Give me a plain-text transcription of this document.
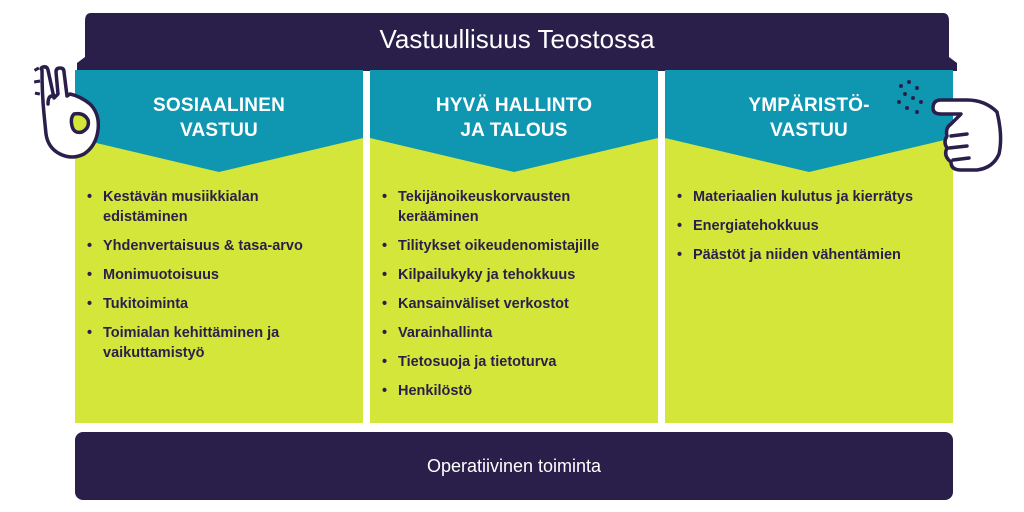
Vastuullisuus Teostossa
SOSIAALINEN
VASTUU
• Kestävän musiikkialan edistäminen
• Yhdenvertaisuus & tasa-arvo
• Monimuotoisuus
• Tukitoiminta
• Toimialan kehittäminen ja vaikuttamistyö
HYVÄ HALLINTO
JA TALOUS
• Tekijänoikeuskorvausten kerääminen
• Tilitykset oikeudenomistajille
• Kilpailukyky ja tehokkuus
• Kansainväliset verkostot
• Varainhallinta
• Tietosuoja ja tietoturva
• Henkilöstö
YMPÄRISTÖ-
VASTUU
• Materiaalien kulutus ja kierrätys
• Energiatehokkuus
• Päästöt ja niiden vähentämien
Operatiivinen toiminta
